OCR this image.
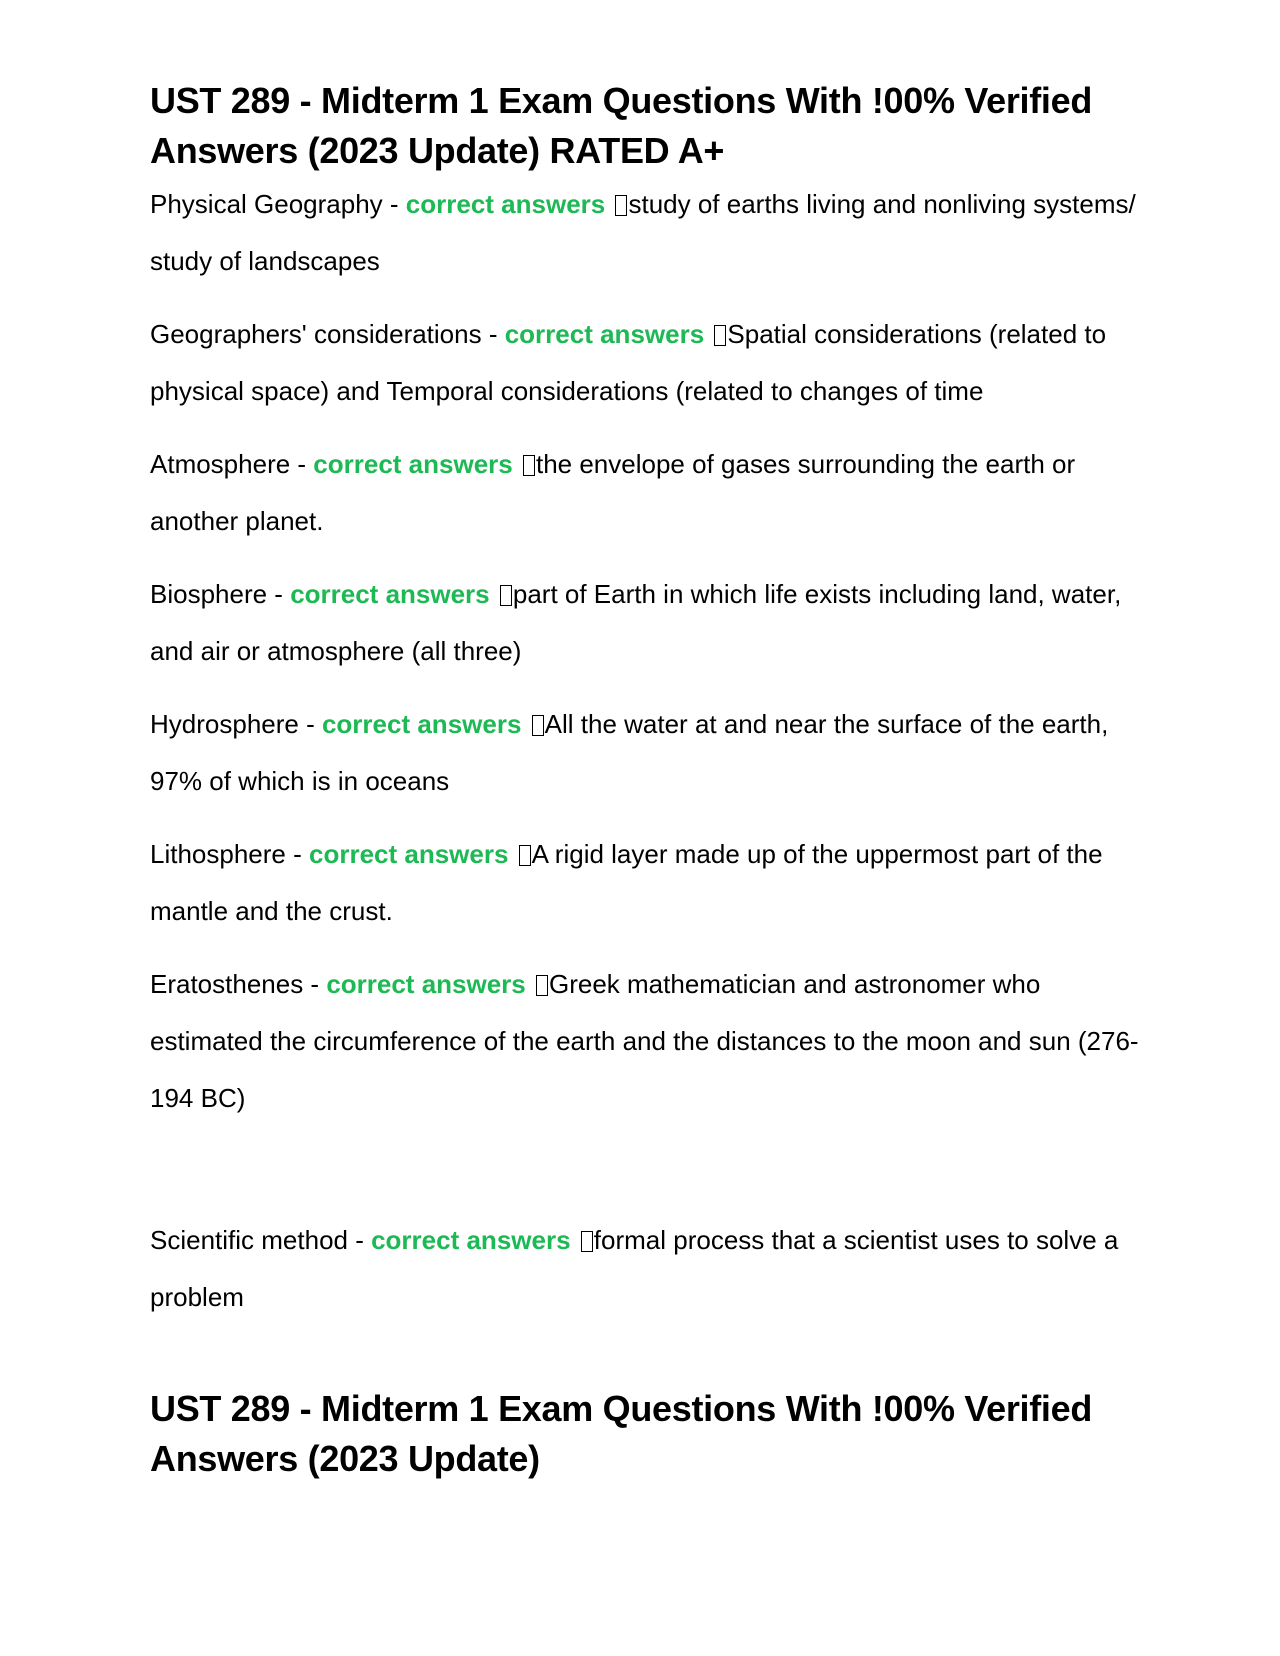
UST 289 - Midterm 1 Exam Questions With !00% Verified Answers (2023 Update) RATED A+

Physical Geography - correct answers study of earths living and nonliving systems/ study of landscapes

Geographers' considerations - correct answers Spatial considerations (related to physical space) and Temporal considerations (related to changes of time

Atmosphere - correct answers the envelope of gases surrounding the earth or another planet.

Biosphere - correct answers part of Earth in which life exists including land, water, and air or atmosphere (all three)

Hydrosphere - correct answers All the water at and near the surface of the earth, 97% of which is in oceans

Lithosphere - correct answers A rigid layer made up of the uppermost part of the mantle and the crust.

Eratosthenes - correct answers Greek mathematician and astronomer who estimated the circumference of the earth and the distances to the moon and sun (276-194 BC)

Scientific method - correct answers formal process that a scientist uses to solve a problem

UST 289 - Midterm 1 Exam Questions With !00% Verified Answers (2023 Update)
